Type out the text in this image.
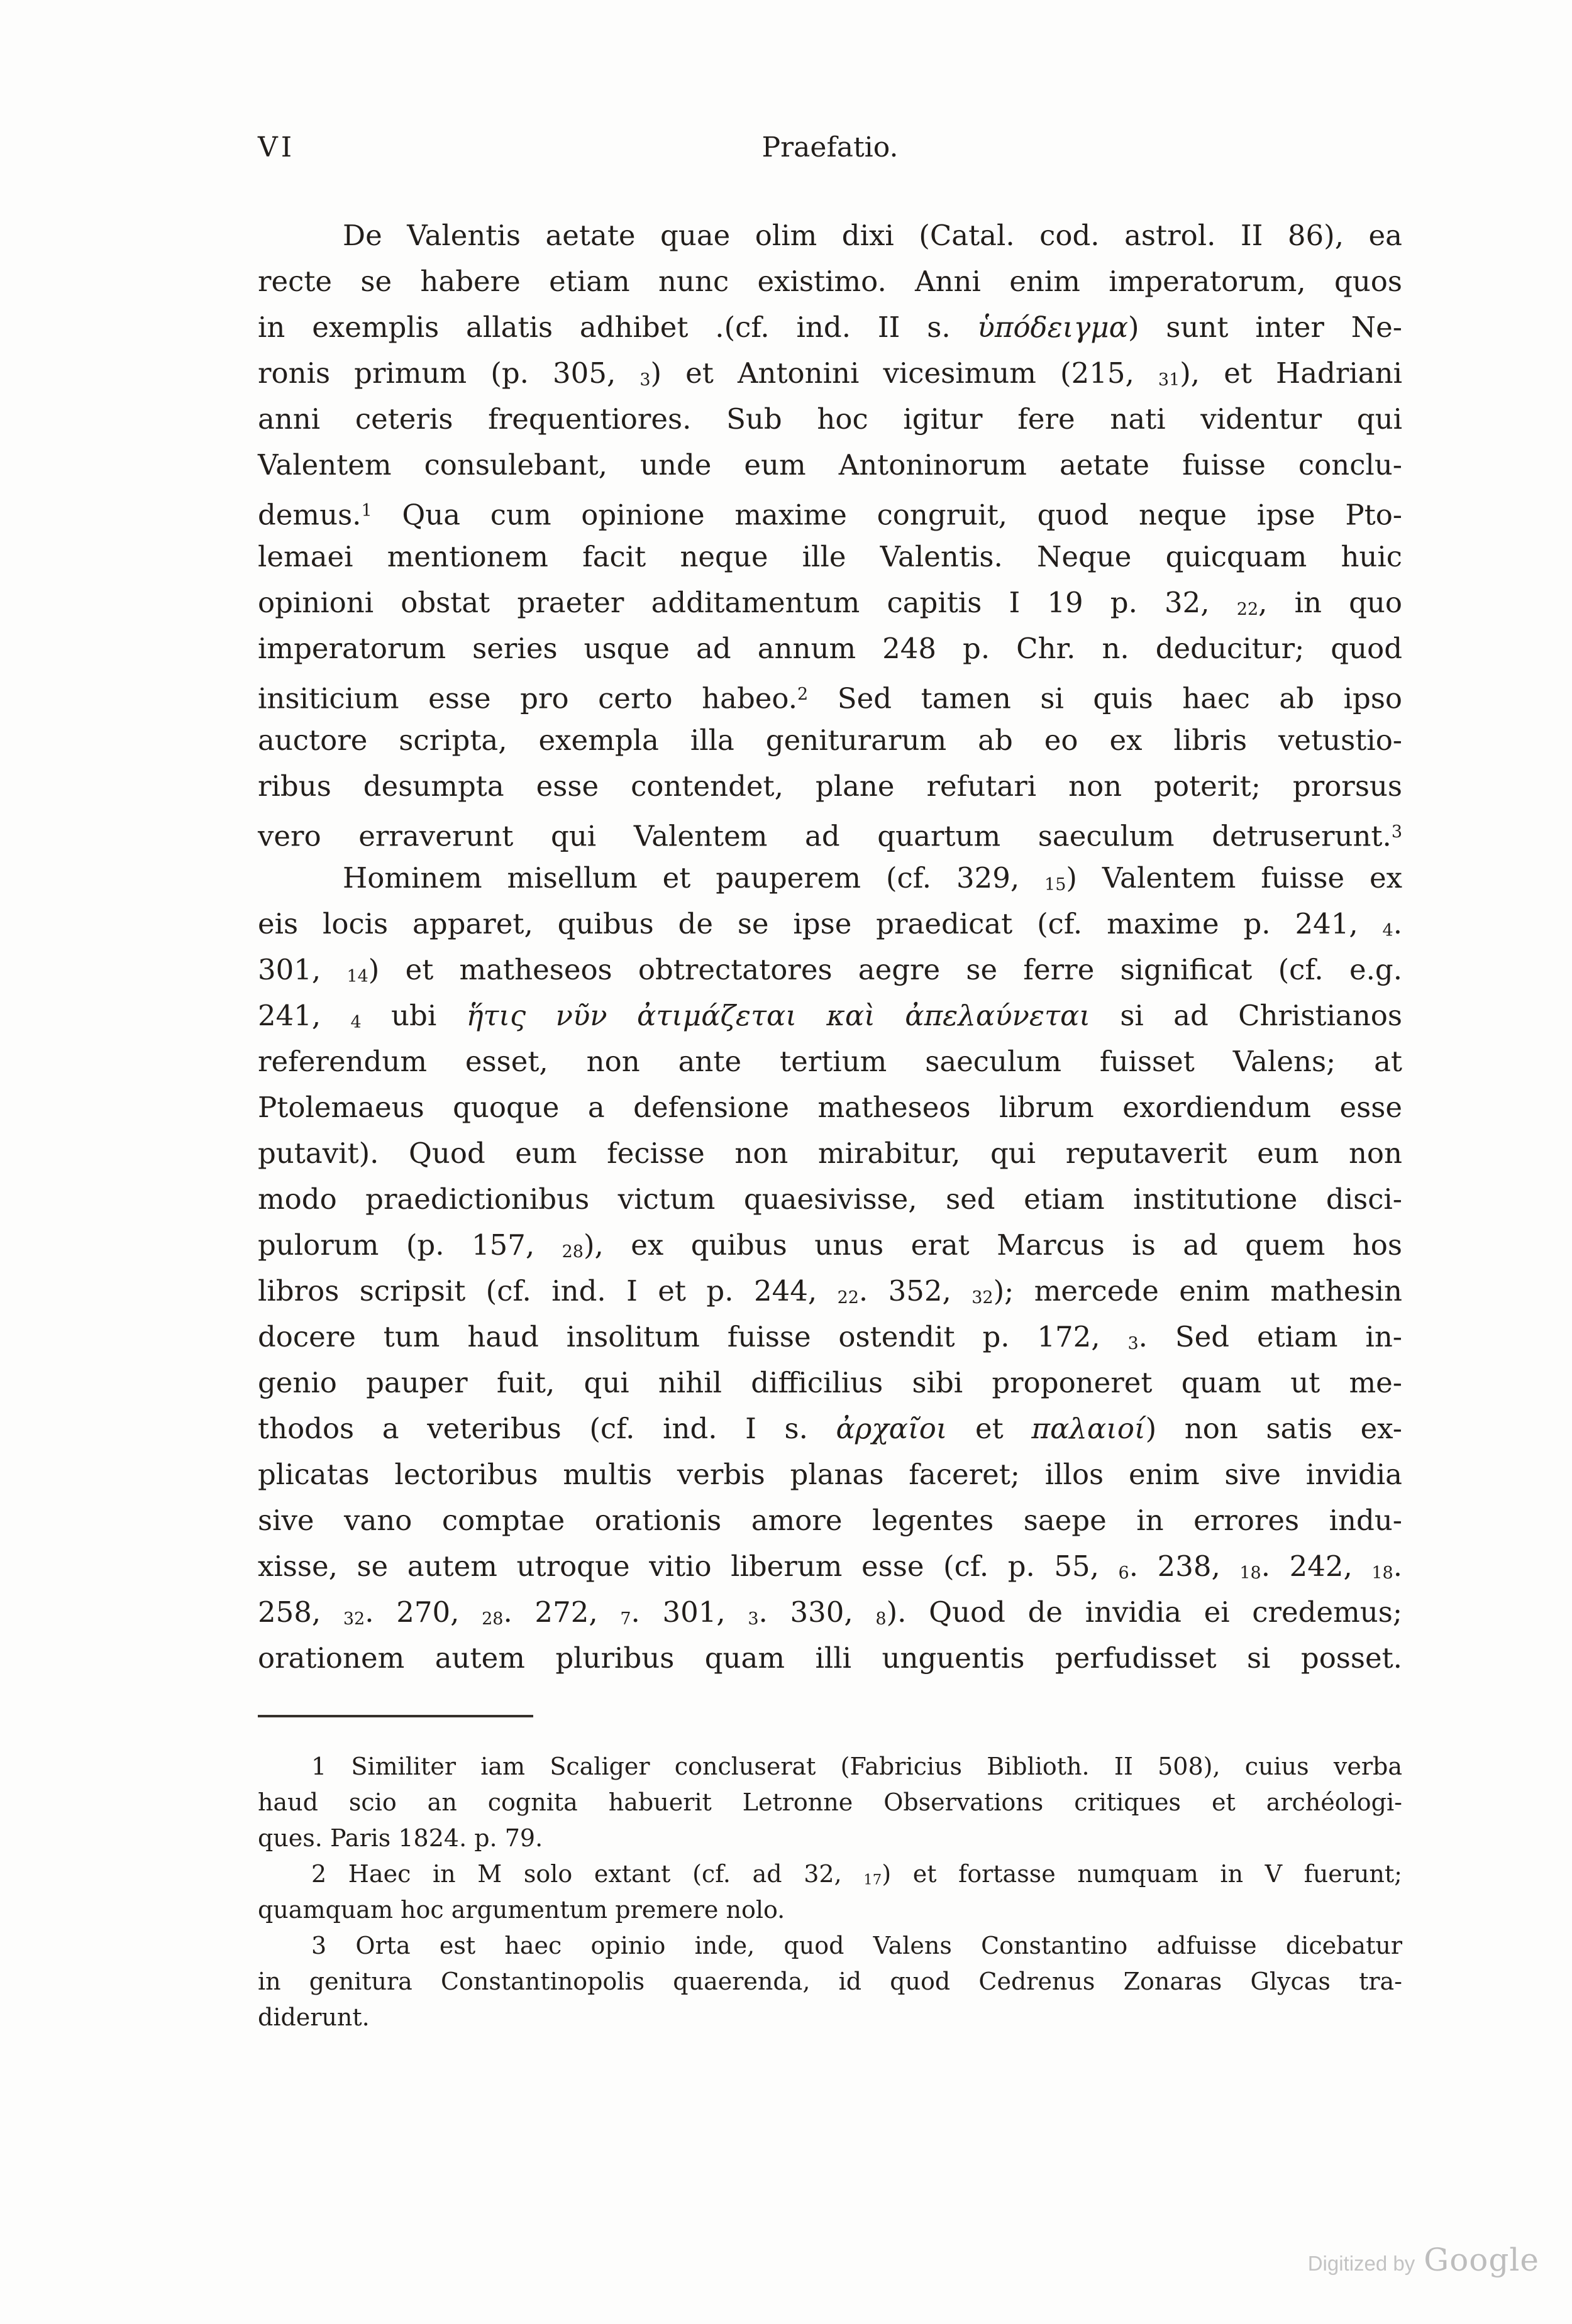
VI	Praefatio.
De Valentis aetate quae olim dixi (Catal. cod. astrol. II 86), ea
recte se habere etiam nunc existimo. Anni enim imperatorum, quos
in exemplis allatis adhibet .(cf. ind. II s. ὑπόδειγμα) sunt inter Ne-
ronis primum (p. 305, 3) et Antonini vicesimum (215, 31), et Hadriani
anni ceteris frequentiores. Sub hoc igitur fere nati videntur qui
Valentem consulebant, unde eum Antoninorum aetate fuisse conclu-
demus.$^1$ Qua cum opinione maxime congruit, quod neque ipse Pto-
lemaei mentionem facit neque ille Valentis. Neque quicquam huic
opinioni obstat praeter additamentum capitis I 19 p. 32, 22, in quo
imperatorum series usque ad annum 248 p. Chr. n. deducitur; quod
insiticium esse pro certo habeo.$^2$ Sed tamen si quis haec ab ipso
auctore scripta, exempla illa geniturarum ab eo ex libris vetustio-
ribus desumpta esse contendet, plane refutari non poterit; prorsus
vero erraverunt qui Valentem ad quartum saeculum detruserunt.$^3$
Hominem misellum et pauperem (cf. 329, 15) Valentem fuisse ex
eis locis apparet, quibus de se ipse praedicat (cf. maxime p. 241, 4.
301, 14) et matheseos obtrectatores aegre se ferre significat (cf. e.g.
241, 4 ubi ἥτις νῦν ἀτιμάζεται καὶ ἀπελαύνεται si ad Christianos
referendum esset, non ante tertium saeculum fuisset Valens; at
Ptolemaeus quoque a defensione matheseos librum exordiendum esse
putavit). Quod eum fecisse non mirabitur, qui reputaverit eum non
modo praedictionibus victum quaesivisse, sed etiam institutione disci-
pulorum (p. 157, 28), ex quibus unus erat Marcus is ad quem hos
libros scripsit (cf. ind. I et p. 244, 22. 352, 32); mercede enim mathesin
docere tum haud insolitum fuisse ostendit p. 172, 3. Sed etiam in-
genio pauper fuit, qui nihil difficilius sibi proponeret quam ut me-
thodos a veteribus (cf. ind. I s. ἀρχαῖοι et παλαιοί) non satis ex-
plicatas lectoribus multis verbis planas faceret; illos enim sive invidia
sive vano comptae orationis amore legentes saepe in errores indu-
xisse, se autem utroque vitio liberum esse (cf. p. 55, 6. 238, 18. 242, 18.
258, 32. 270, 28. 272, 7. 301, 3. 330, 8). Quod de invidia ei credemus;
orationem autem pluribus quam illi unguentis perfudisset si posset.
1 Similiter iam Scaliger concluserat (Fabricius Biblioth. II 508), cuius verba
haud scio an cognita habuerit Letronne Observations critiques et archéologi-
ques. Paris 1824. p. 79.
2 Haec in M solo extant (cf. ad 32, 17) et fortasse numquam in V fuerunt;
quamquam hoc argumentum premere nolo.
3 Orta est haec opinio inde, quod Valens Constantino adfuisse dicebatur
in genitura Constantinopolis quaerenda, id quod Cedrenus Zonaras Glycas tra-
diderunt.
Digitized by Google
